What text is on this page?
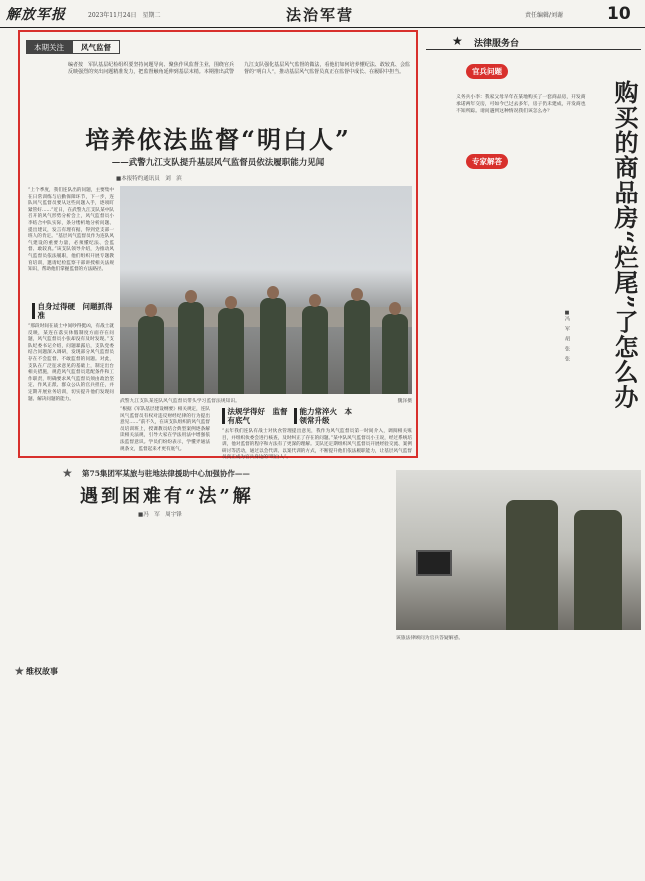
解放军报	2023年11月24日　星期二	法治军营	责任编辑/刘谢	10
本期关注	风气监督
编者按　军队基层纪检组织要坚持问题导向、聚焦作风监督主业，围绕官兵反映强烈的突出问题精准发力，把监督触角延伸到基层末梢。本期推出武警九江支队强化基层风气监督的做法，看他们如何培养懂纪法、敢较真、会监督的“明白人”，推动基层风气监督员真正在监督中成长、在履职中担当。
培养依法监督“明白人”
——武警九江支队提升基层风气监督员依法履职能力见闻
■本报特约通讯员　刘　滨
“上个季度，我们连队出的问题，主要集中在日常训练与后勤保障环节，下一步，连队风气监督员要从这些问题入手，逐项盯紧管好……”近日，在武警九江支队某中队召开的风气形势分析会上，风气监督员小李结合中队实际，条分缕析地分析问题、提出建议，发言有理有据，得到党支部一班人的肯定。“基层风气监督员作为连队风气建设的重要力量，必须懂纪法、会监督、敢较真。”该支队领导介绍，为推动风气监督员依法履职，他们组织开展专题教育培训，邀请纪检监察干部讲授相关法规知识，帮助他们掌握监督的方法路径。
自身过得硬　问题抓得准
“那段时间在战士中间吵得挺凶，有战士就反映，某连在落实休假制度方面存在问题，风气监督员小张却没有及时发现。”支队纪委书记介绍，问题暴露后，支队党委结合问题深入调研，发现部分风气监督员存在不会监督、不敢监督的问题。对此，支队在广泛征求意见的基础上，制定出台相关措施，规范风气监督员选配条件和工作职责，明确要求风气监督员须由政治坚定、作风正派、群众公认的官兵担任，并定期开展业务培训，切实提升他们发现问题、解决问题的能力。	武警九江支队某连队风气监督员带头学习监督法规知识。	魏泽摄
“根据《军队基层建设纲要》相关规定，连队风气监督员有权对违反财经纪律的行为提出意见……”前不久，在该支队组织的风气监督员培训班上，授课教员结合典型案例逐条解读相关法规，引导大家在学法用法中增强依法监督意识。学员们纷纷表示，学懂弄通法规条文，监督起来才更有底气。
法规学得好　监督有底气
能力常淬火　本领常升级
“去年我们连队有战士对伙食管理提出意见，我作为风气监督员第一时间介入，调阅相关账目，并组织伙委会进行核查，及时纠正了存在的问题。”某中队风气监督员小王说，经过系统培训，他对监督的程序和方法有了更深的理解。支队还定期组织风气监督员开展经验交流、案例研讨等活动，通过以会代训、以案代训的方式，不断提升他们依法履职能力，让基层风气监督员真正成为官兵身边的“明白人”。
★ 法律服务台
官兵问题
义务兵小李：我家父母早年在某地购买了一套商品房，开发商承诺两年交房，可如今已过去多年，房子仍未建成，开发商也不知所踪。请问遇到这种情况我们该怎么办？
专家解答	购买的商品房“烂尾”了怎么办
■冯　军　胡　张　张
★ 第75集团军某旅与驻地法律援助中心加强协作——
遇到困难有“法”解
■冯　军　周宇锋
该旅法律顾问为官兵答疑解惑。
★ 维权故事
